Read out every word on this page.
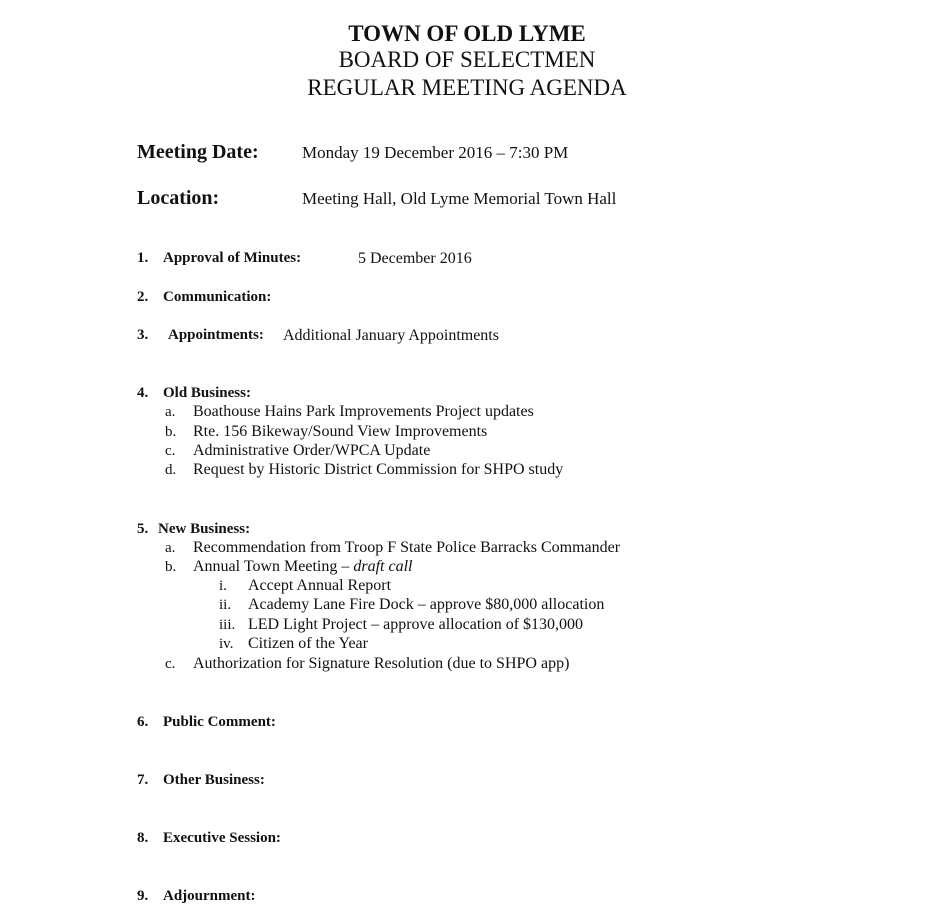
TOWN OF OLD LYME
BOARD OF SELECTMEN
REGULAR MEETING AGENDA
Meeting Date:	Monday 19 December 2016 – 7:30 PM
Location:	Meeting Hall, Old Lyme Memorial Town Hall
1. Approval of Minutes:	5 December 2016
2. Communication:
3. Appointments: Additional January Appointments
4. Old Business:
a. Boathouse Hains Park Improvements Project updates
b. Rte. 156 Bikeway/Sound View Improvements
c. Administrative Order/WPCA Update
d. Request by Historic District Commission for SHPO study
5. New Business:
a. Recommendation from Troop F State Police Barracks Commander
b. Annual Town Meeting – draft call
i. Accept Annual Report
ii. Academy Lane Fire Dock – approve $80,000 allocation
iii. LED Light Project – approve allocation of $130,000
iv. Citizen of the Year
c. Authorization for Signature Resolution (due to SHPO app)
6. Public Comment:
7. Other Business:
8. Executive Session:
9. Adjournment:
